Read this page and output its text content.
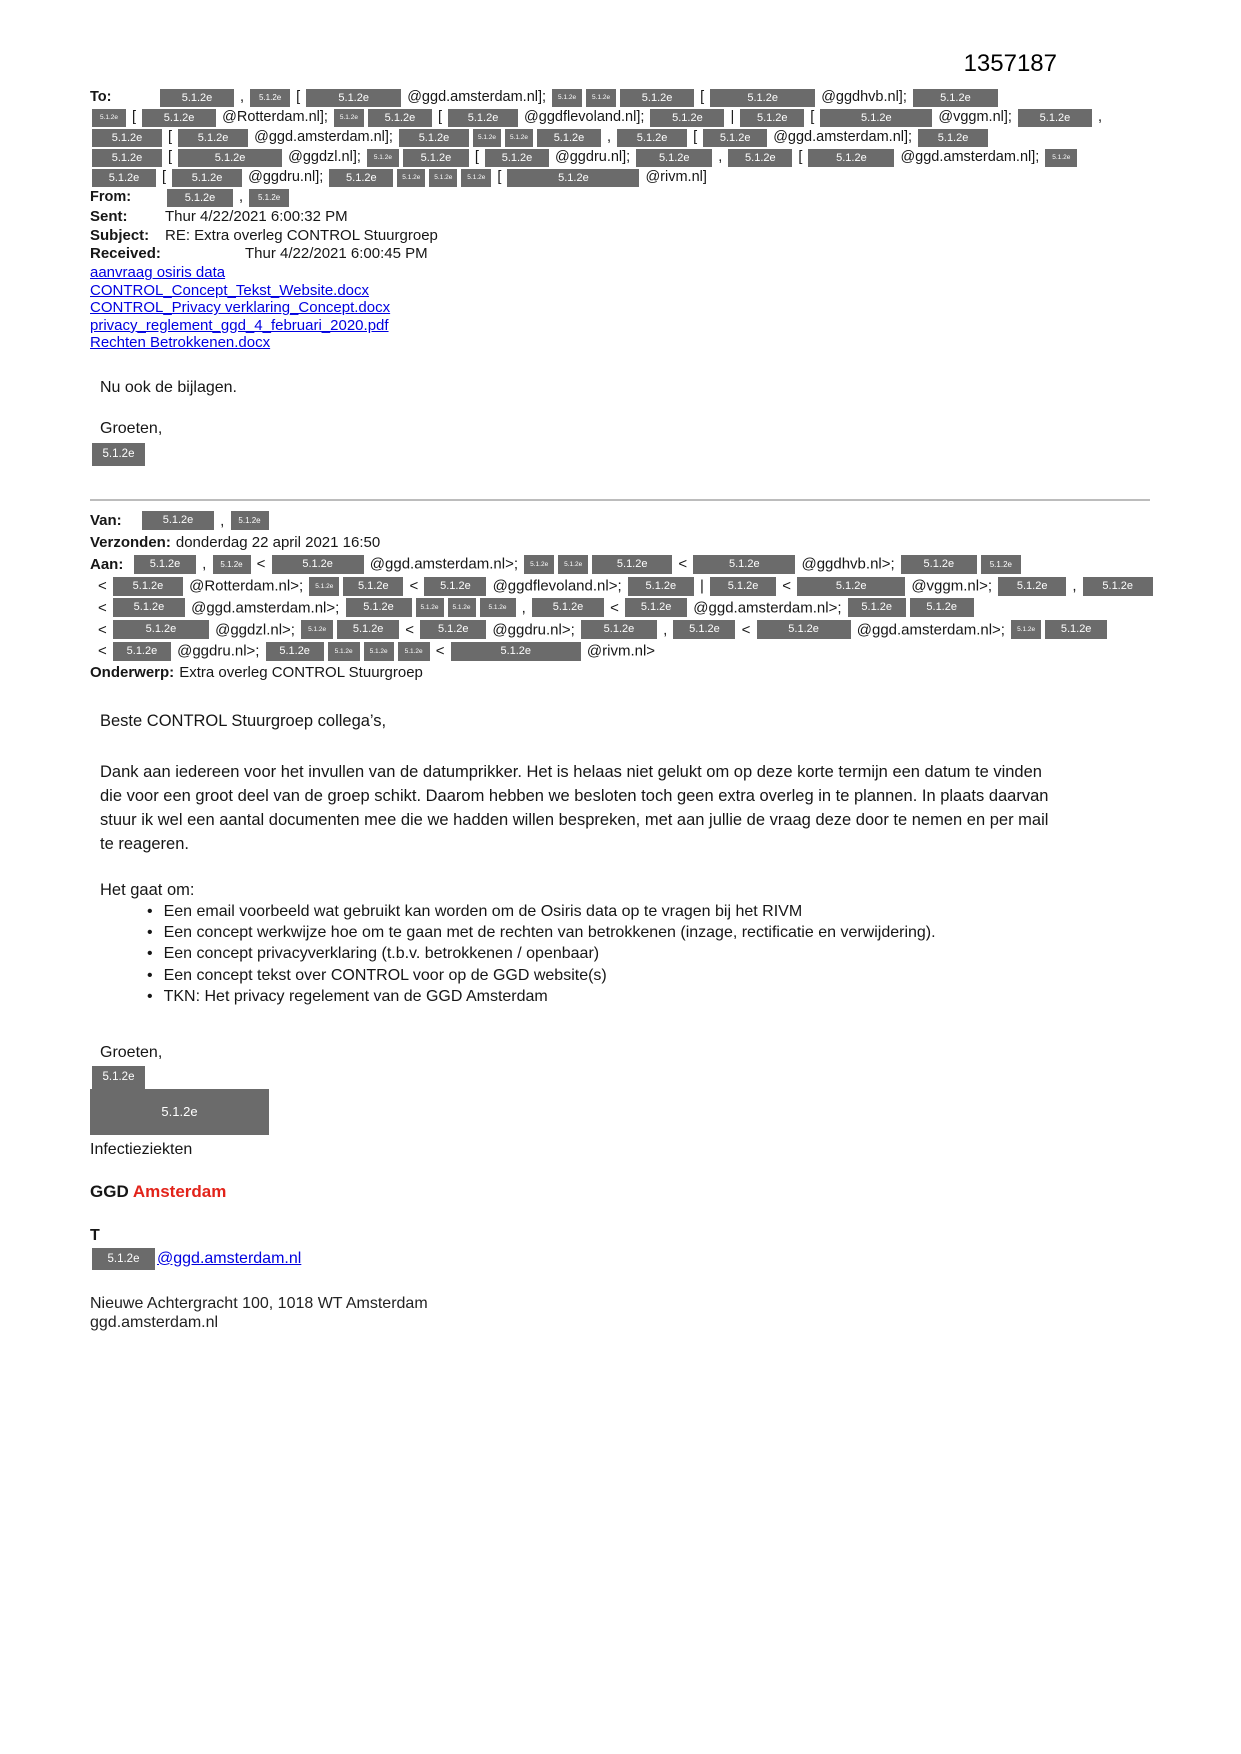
1357187
To:	5.1.2e , 5.1.2e [	5.1.2e @ggd.amsterdam.nl]; 5.1.2e 5.1.2e	5.1.2e [	5.1.2e	@ggdhvb.nl];	5.1.2e
5.1.2e [ 5.1.2e @Rotterdam.nl]; 5.1.2e 5.1.2e [ 5.1.2e @ggdflevoland.nl]; 5.1.2e | 5.1.2e [	5.1.2e	@vggm.nl]; 5.1.2e ,
5.1.2e [ 5.1.2e @ggd.amsterdam.nl]; 5.1.2e	5.1.2e 5.1.2e 5.1.2e , 5.1.2e [ 5.1.2e @ggd.amsterdam.nl]; 5.1.2e
5.1.2e [	5.1.2e	@ggdzl.nl]; 5.1.2e	5.1.2e [ 5.1.2e @ggdru.nl]; 5.1.2e , 5.1.2e [	5.1.2e @ggd.amsterdam.nl]; 5.1.2e
5.1.2e [ 5.1.2e @ggdru.nl]; 5.1.2e	5.1.2e 5.1.2e 5.1.2e [	5.1.2e	@rivm.nl]
From:	5.1.2e , 5.1.2e
Sent:	Thur 4/22/2021 6:00:32 PM
Subject: RE: Extra overleg CONTROL Stuurgroep
Received:	Thur 4/22/2021 6:00:45 PM
aanvraag osiris data
CONTROL_Concept_Tekst_Website.docx
CONTROL_Privacy verklaring_Concept.docx
privacy_reglement_ggd_4_februari_2020.pdf
Rechten Betrokkenen.docx
Nu ook de bijlagen.
Groeten,
5.1.2e
Van:	5.1.2e , 5.1.2e
Verzonden: donderdag 22 april 2021 16:50
Aan: 5.1.2e , 5.1.2e <	5.1.2e @ggd.amsterdam.nl>; 5.1.2e 5.1.2e	5.1.2e <	5.1.2e	@ggdhvb.nl>; 5.1.2e	5.1.2e
< 5.1.2e @Rotterdam.nl>; 5.1.2e 5.1.2e < 5.1.2e @ggdflevoland.nl>; 5.1.2e | 5.1.2e <	5.1.2e	@vggm.nl>; 5.1.2e , 5.1.2e
< 5.1.2e @ggd.amsterdam.nl>; 5.1.2e	5.1.2e 5.1.2e	5.1.2e , 5.1.2e < 5.1.2e @ggd.amsterdam.nl>; 5.1.2e	5.1.2e
<	5.1.2e @ggdzl.nl>; 5.1.2e 5.1.2e < 5.1.2e @ggdru.nl>; 5.1.2e , 5.1.2e <	5.1.2e @ggd.amsterdam.nl>; 5.1.2e 5.1.2e
< 5.1.2e @ggdru.nl>; 5.1.2e	5.1.2e	5.1.2e	5.1.2e <	5.1.2e	@rivm.nl>
Onderwerp: Extra overleg CONTROL Stuurgroep
Beste CONTROL Stuurgroep collega’s,
Dank aan iedereen voor het invullen van de datumprikker. Het is helaas niet gelukt om op deze korte termijn een datum te vinden
die voor een groot deel van de groep schikt. Daarom hebben we besloten toch geen extra overleg in te plannen. In plaats daarvan
stuur ik wel een aantal documenten mee die we hadden willen bespreken, met aan jullie de vraag deze door te nemen en per mail
te reageren.
Het gaat om:
• Een email voorbeeld wat gebruikt kan worden om de Osiris data op te vragen bij het RIVM
• Een concept werkwijze hoe om te gaan met de rechten van betrokkenen (inzage, rectificatie en verwijdering).
• Een concept privacyverklaring (t.b.v. betrokkenen / openbaar)
• Een concept tekst over CONTROL voor op de GGD website(s)
• TKN: Het privacy regelement van de GGD Amsterdam
Groeten,
5.1.2e
5.1.2e
Infectieziekten
GGD Amsterdam
T
5.1.2e @ggd.amsterdam.nl
Nieuwe Achtergracht 100, 1018 WT Amsterdam
ggd.amsterdam.nl
